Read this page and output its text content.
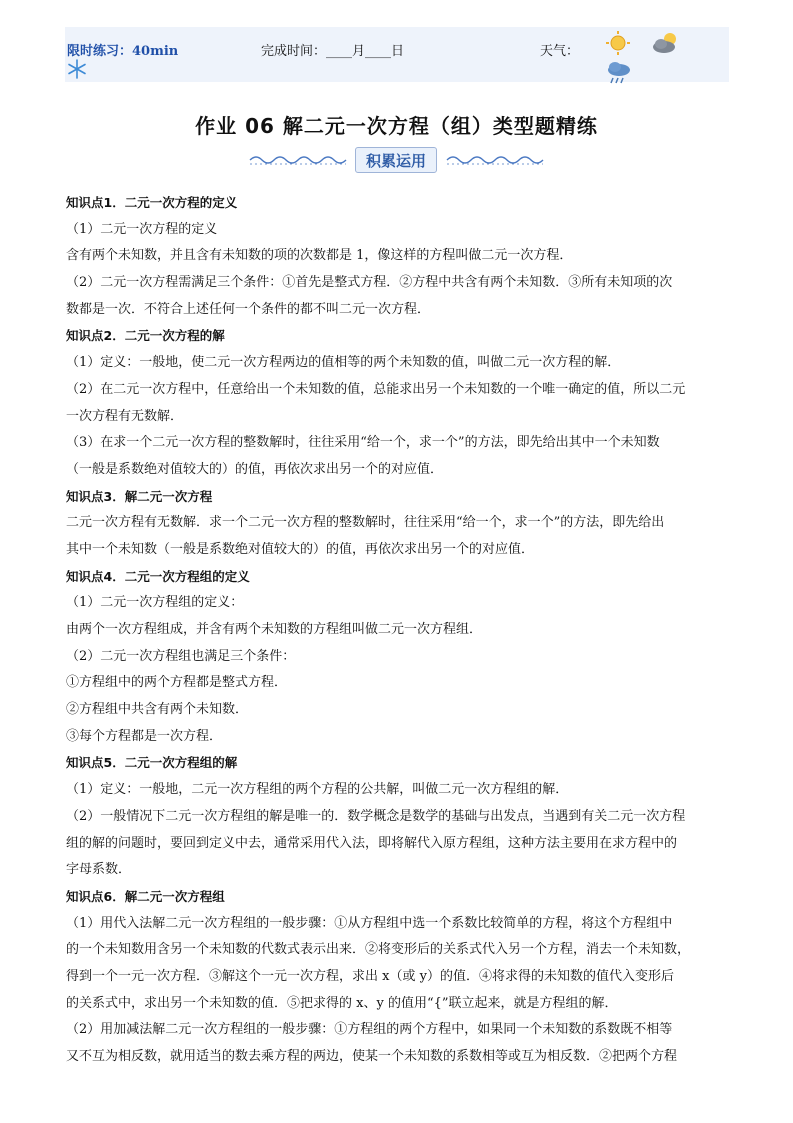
限时练习：40min	完成时间：____月____日	天气：

作业 06 解二元一次方程（组）类型题精练
积累运用
知识点1．二元一次方程的定义
（1）二元一次方程的定义
含有两个未知数，并且含有未知数的项的次数都是 1，像这样的方程叫做二元一次方程．
（2）二元一次方程需满足三个条件：①首先是整式方程．②方程中共含有两个未知数．③所有未知项的次
数都是一次．不符合上述任何一个条件的都不叫二元一次方程．
知识点2．二元一次方程的解
（1）定义：一般地，使二元一次方程两边的值相等的两个未知数的值，叫做二元一次方程的解．
（2）在二元一次方程中，任意给出一个未知数的值，总能求出另一个未知数的一个唯一确定的值，所以二元
一次方程有无数解．
（3）在求一个二元一次方程的整数解时，往往采用“给一个，求一个”的方法，即先给出其中一个未知数
（一般是系数绝对值较大的）的值，再依次求出另一个的对应值．
知识点3．解二元一次方程
二元一次方程有无数解．求一个二元一次方程的整数解时，往往采用“给一个，求一个”的方法，即先给出
其中一个未知数（一般是系数绝对值较大的）的值，再依次求出另一个的对应值．
知识点4．二元一次方程组的定义
（1）二元一次方程组的定义：
由两个一次方程组成，并含有两个未知数的方程组叫做二元一次方程组．
（2）二元一次方程组也满足三个条件：
①方程组中的两个方程都是整式方程．
②方程组中共含有两个未知数．
③每个方程都是一次方程．
知识点5．二元一次方程组的解
（1）定义：一般地，二元一次方程组的两个方程的公共解，叫做二元一次方程组的解．
（2）一般情况下二元一次方程组的解是唯一的．数学概念是数学的基础与出发点，当遇到有关二元一次方程
组的解的问题时，要回到定义中去，通常采用代入法，即将解代入原方程组，这种方法主要用在求方程中的
字母系数．
知识点6．解二元一次方程组
（1）用代入法解二元一次方程组的一般步骤：①从方程组中选一个系数比较简单的方程，将这个方程组中
的一个未知数用含另一个未知数的代数式表示出来．②将变形后的关系式代入另一个方程，消去一个未知数，
得到一个一元一次方程．③解这个一元一次方程，求出 x（或 y）的值．④将求得的未知数的值代入变形后
的关系式中，求出另一个未知数的值．⑤把求得的 x、y 的值用“{”联立起来，就是方程组的解．
（2）用加减法解二元一次方程组的一般步骤：①方程组的两个方程中，如果同一个未知数的系数既不相等
又不互为相反数，就用适当的数去乘方程的两边，使某一个未知数的系数相等或互为相反数．②把两个方程
